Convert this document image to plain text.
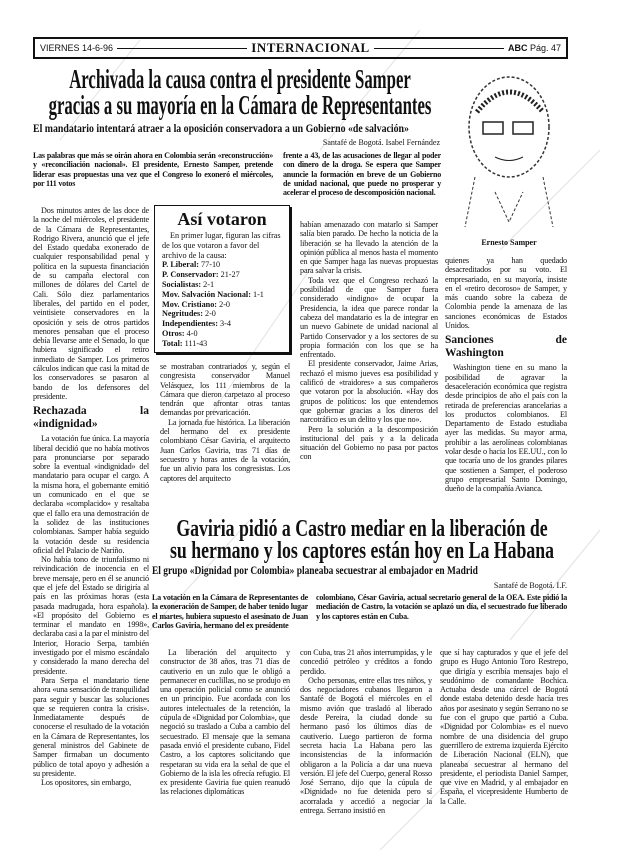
VIERNES 14-6-96	INTERNACIONAL	ABC
Pág. 47
Archivada la causa contra el presidente Samper
gracias a su mayoría en la Cámara de Representantes
El mandatario intentará atraer a la oposición conservadora a un Gobierno «de salvación»
Santafé de Bogotá. Isabel Fernández
Las palabras que más se oirán ahora en Colombia serán «reconstrucción» y «reconciliación nacional». El presidente, Ernesto Samper, pretende liderar esas propuestas una vez que el Congreso lo exoneró el miércoles, por 111 votos
frente a 43, de las acusaciones de llegar al poder con dinero de la droga. Se espera que Samper anuncie la formación en breve de un Gobierno de unidad nacional, que puede no prosperar y acelerar el proceso de descomposición nacional.
Ernesto Samper

Dos minutos antes de las doce de la noche del miércoles, el presidente de la Cámara de Representantes, Rodrigo Rivera, anunció que el jefe del Estado quedaba exonerado de cualquier responsabilidad penal y política en la supuesta financiación de su campaña electoral con millones de dólares del Cartel de Cali. Sólo diez parlamentarios liberales, del partido en el poder, veintisiete conservadores en la oposición y seis de otros partidos menores pensaban que el proceso debía llevarse ante el Senado, lo que hubiera significado el retiro inmediato de Samper. Los primeros cálculos indican que casi la mitad de los conservadores se pasaron al bando de los defensores del presidente.

Rechazada la «indignidad»

La votación fue única. La mayoría liberal decidió que no había motivos para pronunciarse por separado sobre la eventual «indignidad» del mandatario para ocupar el cargo. A la misma hora, el gobernante emitió un comunicado en el que se declaraba «complacido» y resaltaba que el fallo era una demostración de la solidez de las instituciones colombianas. Samper había seguido la votación desde su residencia oficial del Palacio de Nariño.

No había tono de triunfalismo ni reivindicación de inocencia en el breve mensaje, pero en él se anunció que el jefe del Estado se dirigiría al país en las próximas horas (esta pasada madrugada, hora española). «El propósito del Gobierno es terminar el mandato en 1998», declaraba casi a la par el ministro del Interior, Horacio Serpa, también investigado por el mismo escándalo y considerado la mano derecha del presidente.

Para Serpa el mandatario tiene ahora «una sensación de tranquilidad para seguir y buscar las soluciones que se requieren contra la crisis». Inmediatamente después de conocerse el resultado de la votación en la Cámara de Representantes, los general ministros del Gabinete de Samper firmaban un documento público de total apoyo y adhesión a su presidente.

Los opositores, sin embargo,

Así votaron
En primer lugar, figuran las cifras de los que votaron a favor del archivo de la causa:
P. Liberal: 77-10
P. Conservador: 21-27
Socialistas: 2-1
Mov. Salvación Nacional: 1-1
Mov. Cristiano: 2-0
Negritudes: 2-0
Independientes: 3-4
Otros: 4-0
Total: 111-43

se mostraban contrariados y, según el congresista conservador Manuel Velásquez, los 111 miembros de la Cámara que dieron carpetazo al proceso tendrán que afrontar otras tantas demandas por prevaricación.

La jornada fue histórica. La liberación del hermano del ex presidente colombiano César Gaviria, el arquitecto Juan Carlos Gaviria, tras 71 días de secuestro y horas antes de la votación, fue un alivio para los congresistas. Los captores del arquitecto

habían amenazado con matarlo si Samper salía bien parado. De hecho la noticia de la liberación se ha llevado la atención de la opinión pública al menos hasta el momento en que Samper haga las nuevas propuestas para salvar la crisis.

Toda vez que el Congreso rechazó la posibilidad de que Samper fuera considerado «indigno» de ocupar la Presidencia, la idea que parece rondar la cabeza del mandatario es la de integrar en un nuevo Gabinete de unidad nacional al Partido Conservador y a los sectores de su propia formación con los que se ha enfrentado.

El presidente conservador, Jaime Arias, rechazó el mismo jueves esa posibilidad y calificó de «traidores» a sus compañeros que votaron por la absolución. «Hay dos grupos de políticos: los que entendemos que gobernar gracias a los dineros del narcotráfico es un delito y los que no».

Pero la solución a la descomposición institucional del país y a la delicada situación del Gobierno no pasa por pactos con

quienes ya han quedado desacreditados por su voto. El empresariado, en su mayoría, insiste en el «retiro decoroso» de Samper, y más cuando sobre la cabeza de Colombia pende la amenaza de las sanciones económicas de Estados Unidos.

Sanciones de Washington

Washington tiene en su mano la posibilidad de agravar la desaceleración económica que registra desde principios de año el país con la retirada de preferencias arancelarias a los productos colombianos. El Departamento de Estado estudiaba ayer las medidas. Su mayor arma, prohibir a las aerolíneas colombianas volar desde o hacia los EE.UU., con lo que tocaría uno de los grandes pilares que sostienen a Samper, el poderoso grupo empresarial Santo Domingo, dueño de la compañía Avianca.

Gaviria pidió a Castro mediar en la liberación de
su hermano y los captores están hoy en La Habana
El grupo «Dignidad por Colombia» planeaba secuestrar al embajador en Madrid
Santafé de Bogotá. I.F.
La votación en la Cámara de Representantes de la exoneración de Samper, de haber tenido lugar el martes, hubiera supuesto el asesinato de Juan Carlos Gaviria, hermano del ex presidente
colombiano, César Gaviria, actual secretario general de la OEA. Este pidió la mediación de Castro, la votación se aplazó un día, el secuestrado fue liberado y los captores están en Cuba.

La liberación del arquitecto y constructor de 38 años, tras 71 días de cautiverio en un zulo que le obligó a permanecer en cuclillas, no se produjo en una operación policial como se anunció en un principio. Fue acordada con los autores intelectuales de la retención, la cúpula de «Dignidad por Colombia», que negoció su traslado a Cuba a cambio del secuestrado. El mensaje que la semana pasada envió el presidente cubano, Fidel Castro, a los captores solicitando que respetaran su vida era la señal de que el Gobierno de la isla les ofrecía refugio. El ex presidente Gaviria fue quien reanudó las relaciones diplomáticas

con Cuba, tras 21 años interrumpidas, y le concedió petróleo y créditos a fondo perdido.

Ocho personas, entre ellas tres niños, y dos negociadores cubanos llegaron a Santafé de Bogotá el miércoles en el mismo avión que trasladó al liberado desde Pereira, la ciudad donde su hermano pasó los últimos días de cautiverio. Luego partieron de forma secreta hacia La Habana pero las inconsistencias de la información obligaron a la Policía a dar una nueva versión. El jefe del Cuerpo, general Rosso José Serrano, dijo que la cúpula de «Dignidad» no fue detenida pero sí acorralada y accedió a negociar la entrega. Serrano insistió en

que sí hay capturados y que el jefe del grupo es Hugo Antonio Toro Restrepo, que dirigía y escribía mensajes bajo el seudónimo de comandante Bochica. Actuaba desde una cárcel de Bogotá donde estaba detenido desde hacía tres años por asesinato y según Serrano no se fue con el grupo que partió a Cuba. «Dignidad por Colombia» es el nuevo nombre de una disidencia del grupo guerrillero de extrema izquierda Ejército de Liberación Nacional (ELN), que planeaba secuestrar al hermano del presidente, el periodista Daniel Samper, que vive en Madrid, y al embajador en España, el vicepresidente Humberto de la Calle.
